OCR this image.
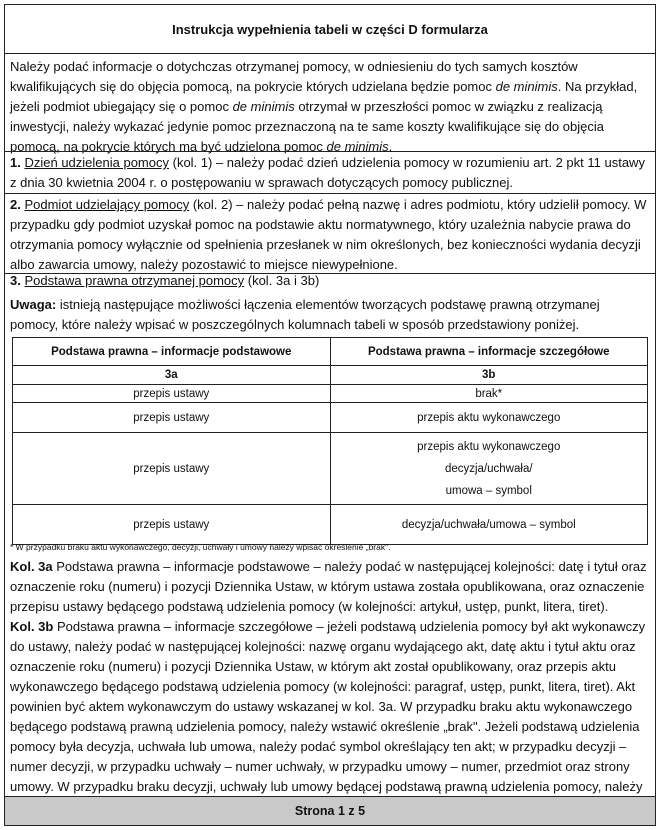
Instrukcja wypełnienia tabeli w części D formularza
Należy podać informacje o dotychczas otrzymanej pomocy, w odniesieniu do tych samych kosztów kwalifikujących się do objęcia pomocą, na pokrycie których udzielana będzie pomoc de minimis. Na przykład, jeżeli podmiot ubiegający się o pomoc de minimis otrzymał w przeszłości pomoc w związku z realizacją inwestycji, należy wykazać jedynie pomoc przeznaczoną na te same koszty kwalifikujące się do objęcia pomocą, na pokrycie których ma być udzielona pomoc de minimis.
1. Dzień udzielenia pomocy (kol. 1) – należy podać dzień udzielenia pomocy w rozumieniu art. 2 pkt 11 ustawy z dnia 30 kwietnia 2004 r. o postępowaniu w sprawach dotyczących pomocy publicznej.
2. Podmiot udzielający pomocy (kol. 2) – należy podać pełną nazwę i adres podmiotu, który udzielił pomocy. W przypadku gdy podmiot uzyskał pomoc na podstawie aktu normatywnego, który uzależnia nabycie prawa do otrzymania pomocy wyłącznie od spełnienia przesłanek w nim określonych, bez konieczności wydania decyzji albo zawarcia umowy, należy pozostawić to miejsce niewypełnione.
3. Podstawa prawna otrzymanej pomocy (kol. 3a i 3b)
Uwaga: istnieją następujące możliwości łączenia elementów tworzących podstawę prawną otrzymanej pomocy, które należy wpisać w poszczególnych kolumnach tabeli w sposób przedstawiony poniżej.
Podstawa prawna – informacje podstawowe	Podstawa prawna – informacje szczegółowe
3a	3b
przepis ustawy	brak*
przepis ustawy	przepis aktu wykonawczego
przepis ustawy	przepis aktu wykonawczego
decyzja/uchwała/
umowa – symbol

przepis ustawy	decyzja/uchwała/umowa – symbol
* W przypadku braku aktu wykonawczego, decyzji, uchwały i umowy należy wpisać określenie „brak".
Kol. 3a Podstawa prawna – informacje podstawowe – należy podać w następującej kolejności: datę i tytuł oraz oznaczenie roku (numeru) i pozycji Dziennika Ustaw, w którym ustawa została opublikowana, oraz oznaczenie przepisu ustawy będącego podstawą udzielenia pomocy (w kolejności: artykuł, ustęp, punkt, litera, tiret).
Kol. 3b Podstawa prawna – informacje szczegółowe – jeżeli podstawą udzielenia pomocy był akt wykonawczy do ustawy, należy podać w następującej kolejności: nazwę organu wydającego akt, datę aktu i tytuł aktu oraz oznaczenie roku (numeru) i pozycji Dziennika Ustaw, w którym akt został opublikowany, oraz przepis aktu wykonawczego będącego podstawą udzielenia pomocy (w kolejności: paragraf, ustęp, punkt, litera, tiret). Akt powinien być aktem wykonawczym do ustawy wskazanej w kol. 3a. W przypadku braku aktu wykonawczego będącego podstawą prawną udzielenia pomocy, należy wstawić określenie „brak". Jeżeli podstawą udzielenia pomocy była decyzja, uchwała lub umowa, należy podać symbol określający ten akt; w przypadku decyzji – numer decyzji, w przypadku uchwały – numer uchwały, w przypadku umowy – numer, przedmiot oraz strony umowy. W przypadku braku decyzji, uchwały lub umowy będącej podstawą prawną udzielenia pomocy, należy
Strona 1 z 5
